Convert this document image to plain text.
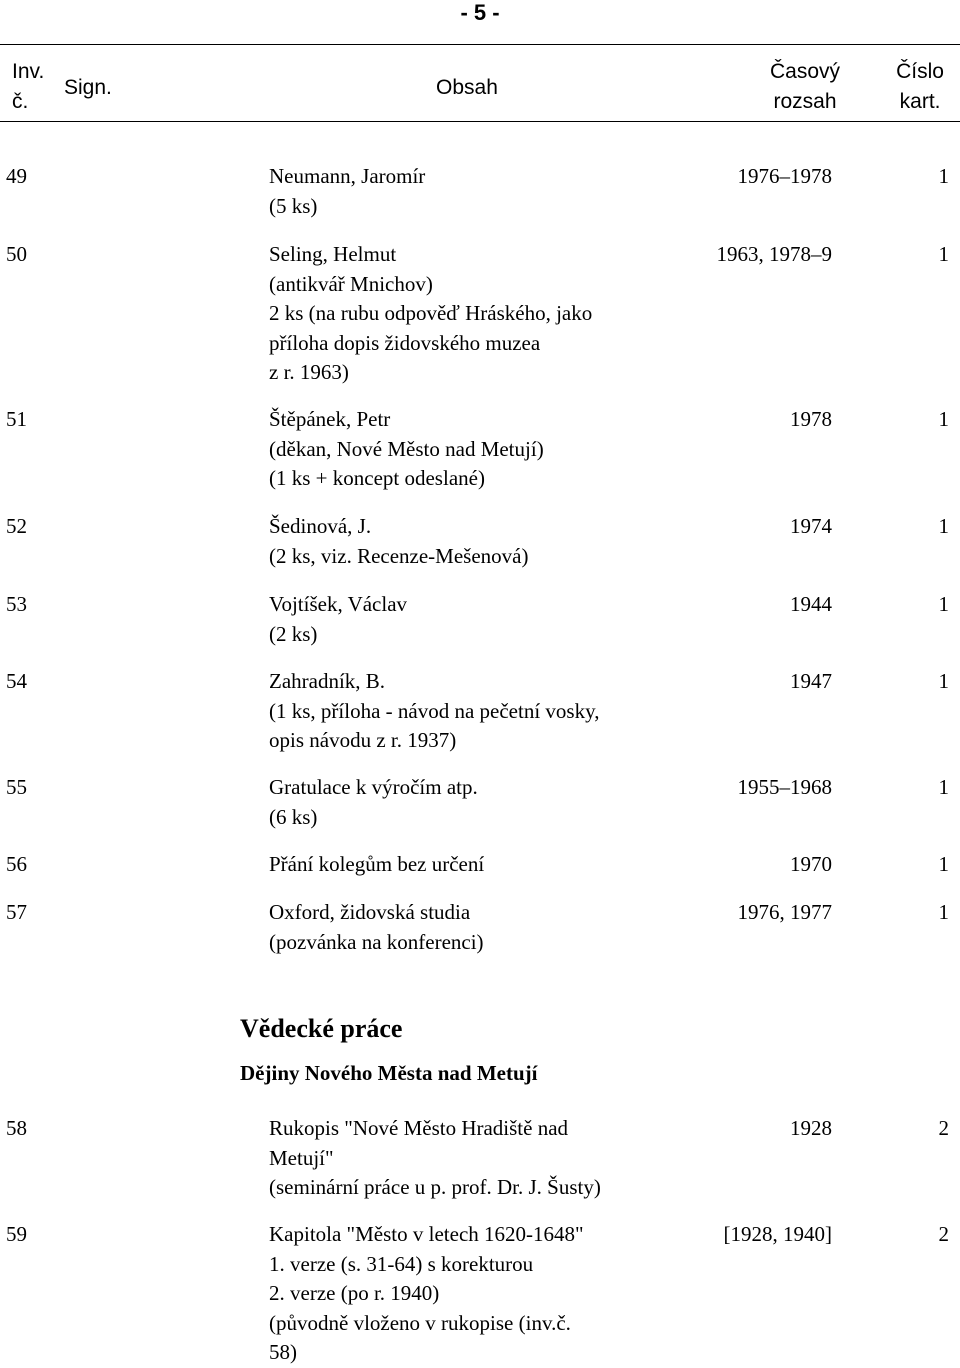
- 5 -
Inv.
č.
Sign.	Obsah
Časový
rozsah
Číslo
kart.
49	Neumann, Jaromír
(5 ks)
1976–1978	1
50	Seling, Helmut
(antikvář Mnichov)
2 ks (na rubu odpověď Hráského, jako
příloha dopis židovského muzea
z r. 1963)
1963, 1978–9	1
51	Štěpánek, Petr
(děkan, Nové Město nad Metují)
(1 ks + koncept odeslané)
1978	1
52	Šedinová, J.
(2 ks, viz. Recenze-Mešenová)
1974	1
53	Vojtíšek, Václav
(2 ks)
1944	1
54	Zahradník, B.
(1 ks, příloha - návod na pečetní vosky,
opis návodu z r. 1937)
1947	1
55	Gratulace k výročím atp.
(6 ks)
1955–1968	1
56	Přání kolegům bez určení	1970	1
57	Oxford, židovská studia
(pozvánka na konferenci)
1976, 1977	1
Vědecké práce
Dějiny Nového Města nad Metují
58	Rukopis "Nové Město Hradiště nad
Metují"
(seminární práce u p. prof. Dr. J. Šusty)
1928	2
59	Kapitola "Město v letech 1620-1648"
1. verze (s. 31-64) s korekturou
2. verze (po r. 1940)
(původně vloženo v rukopise (inv.č.
58)
[1928, 1940]	2
